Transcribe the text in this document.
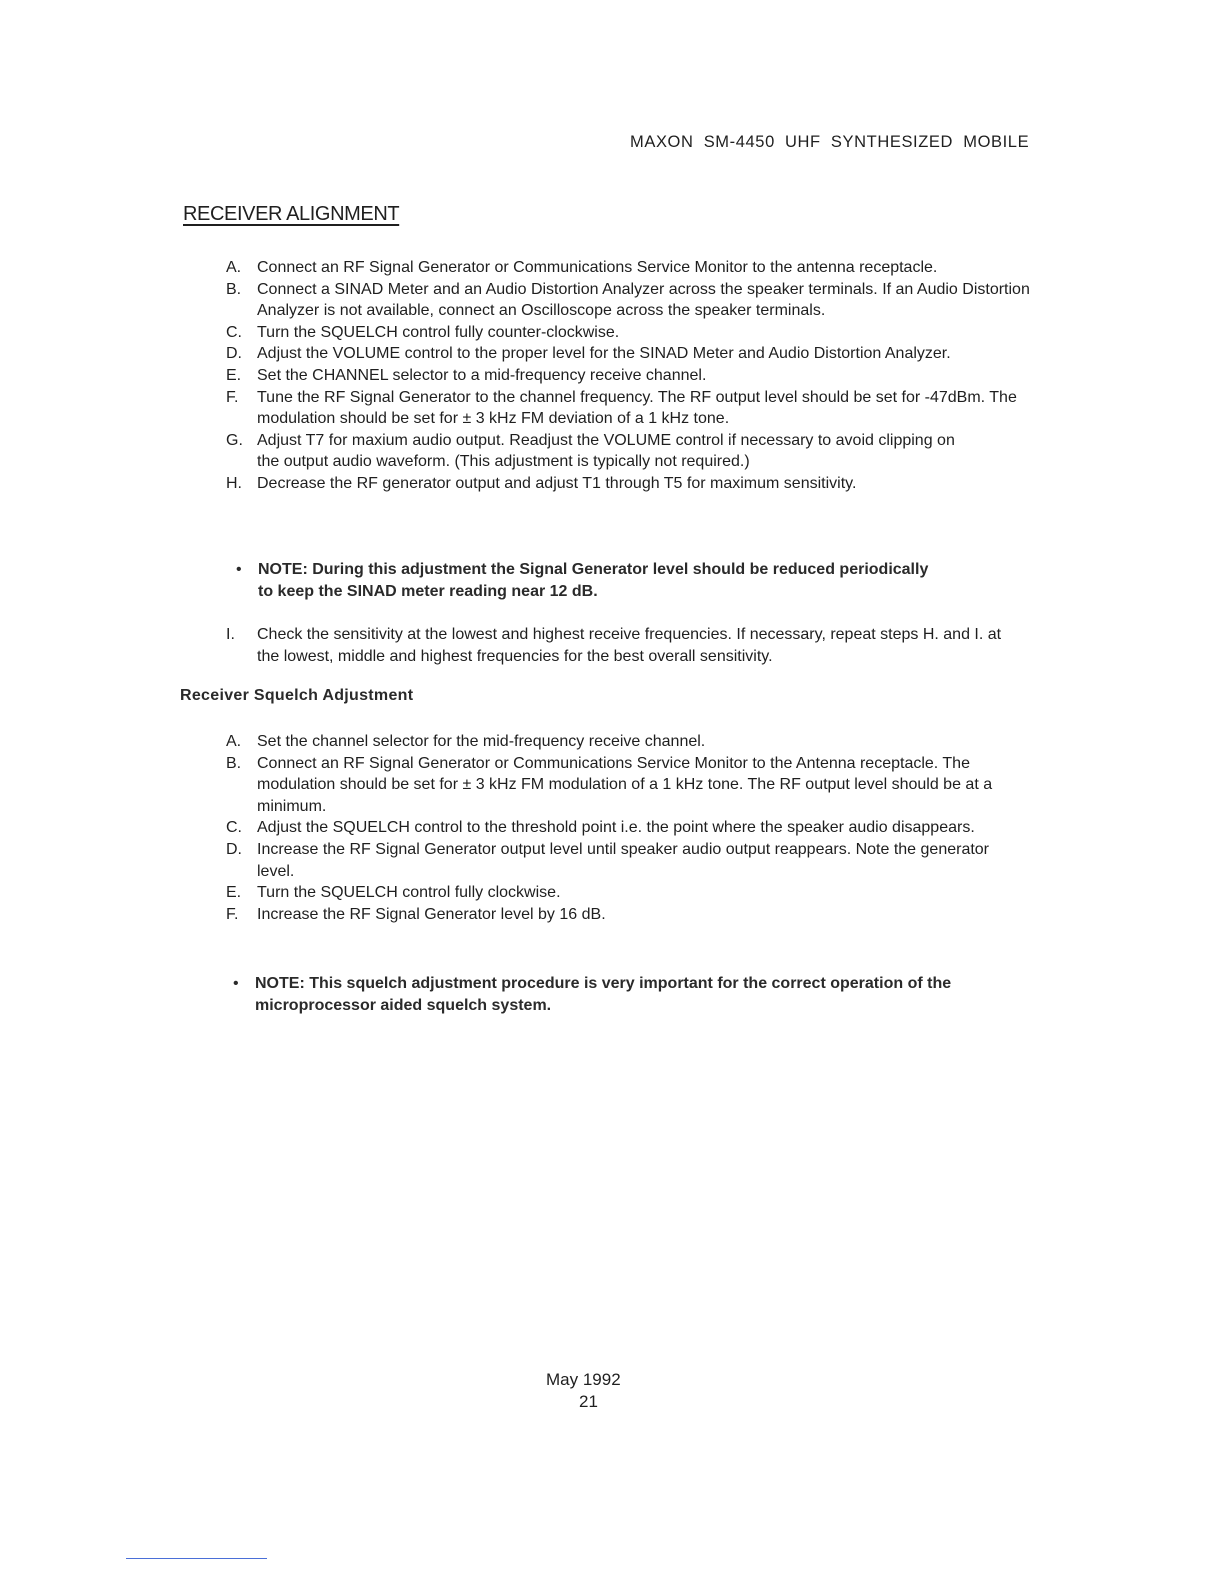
MAXON SM-4450 UHF SYNTHESIZED MOBILE
RECEIVER ALIGNMENT
A. Connect an RF Signal Generator or Communications Service Monitor to the antenna receptacle.
B. Connect a SINAD Meter and an Audio Distortion Analyzer across the speaker terminals. If an Audio Distortion Analyzer is not available, connect an Oscilloscope across the speaker terminals.
C. Turn the SQUELCH control fully counter-clockwise.
D. Adjust the VOLUME control to the proper level for the SINAD Meter and Audio Distortion Analyzer.
E. Set the CHANNEL selector to a mid-frequency receive channel.
F.	Tune the RF Signal Generator to the channel frequency. The RF output level should be set for -47dBm. The modulation should be set for ± 3 kHz FM deviation of a 1 kHz tone.
G. Adjust T7 for maxium audio output. Readjust the VOLUME control if necessary to avoid clipping on the output audio waveform. (This adjustment is typically not required.)
H. Decrease the RF generator output and adjust T1 through T5 for maximum sensitivity.
• NOTE: During this adjustment the Signal Generator level should be reduced periodically to keep the SINAD meter reading near 12 dB.
I.	Check the sensitivity at the lowest and highest receive frequencies. If necessary, repeat steps H. and I. at the lowest, middle and highest frequencies for the best overall sensitivity.
Receiver Squelch Adjustment
A. Set the channel selector for the mid-frequency receive channel.
B. Connect an RF Signal Generator or Communications Service Monitor to the Antenna receptacle. The modulation should be set for ± 3 kHz FM modulation of a 1 kHz tone. The RF output level should be at a minimum.
C. Adjust the SQUELCH control to the threshold point i.e. the point where the speaker audio disappears.
D. Increase the RF Signal Generator output level until speaker audio output reappears. Note the generator level.
E. Turn the SQUELCH control fully clockwise.
F.	Increase the RF Signal Generator level by 16 dB.
• NOTE: This squelch adjustment procedure is very important for the correct operation of the microprocessor aided squelch system.
May 1992
21
